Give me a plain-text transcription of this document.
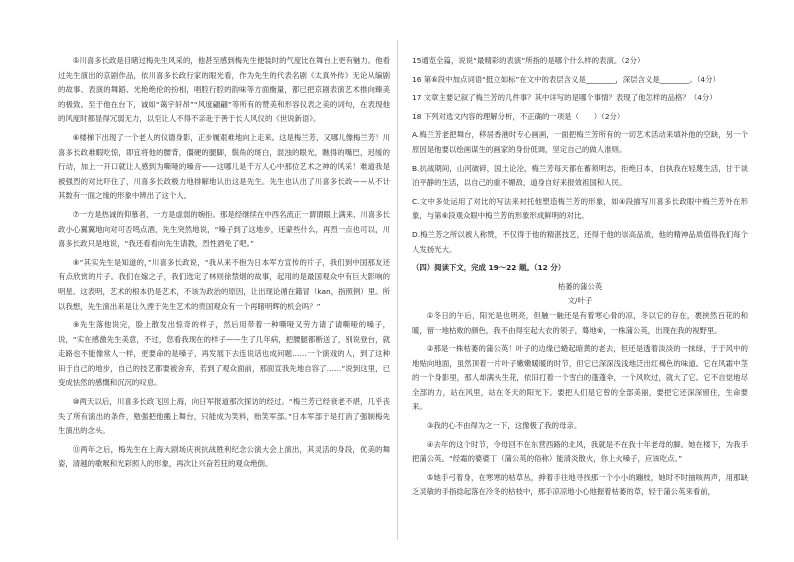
⑤川喜多长政是目睹过梅先生风采的，他甚至感到梅先生便装时的气度比在舞台上更有魅力。他看过先生演出的京剧作品，依川喜多长政行家的眼光看，作为先生的代表名剧《太真外传》无论从编剧的故事、表演的舞蹈、光艳绝伦的扮相，唱腔行腔的韵味等方面衡量，都已把京剧表演艺术推向臻美的极致。至于他在台下，诚如“蔼宇轩昂”“风度翩翩”等所有的赞美和形容仪表之美的词句，在表现他的风度时都显得冗弱无力，以至让人不得不亲赴于善于长人风仪的《世说新语》。

⑥楼梯下出现了一个老人的仪德身影，正步履艰难地向上走来。这是梅兰芳，又哪儿像梅兰芳！川喜多长政难暇吃惊，即宜将他的腰背，僵硬的腿脚，鬓角的斑白，混浊的眼光，瞧得的嘴巴，迟缓的行动，加上一开口就让人感到为嘶哑的嗓音——这哪儿是千万人心中那位艺术之神的风采！难道我是被强烈的对比吓住了，川喜多长政极力地排解地认出这是先生。先生也认出了川喜多长政——从不计其数有一面之缘的形象中辨出了这个人。

⑦一方是热诚的仰慕者，一方是虚弱的婉拒。那是经继续在中西名流正一谓谓眼上满来，川喜多长政小心翼翼地向对可否鸣点酒，先生突然地说，“嗓子到了这地步，还蒙些什么，再烈一点也可以，川喜多长政只是地说，“我还看看向先生请教，烈性酒免了吧。”

⑧“其实先生是知道的，”川喜多长政说，“我从来不抱为日本军方宣传的片子，我们到中国那友还有点欣赏的片子。我们在嫁之子，我们选定了林则徐禁烟的故事，起用的是最国观众中有巨大影响的明星。这表明，艺术的根本仍是艺术，不该为政治的原因，让出现论循在籍冒（kan，指照例）里。所以我想，先生演出来是让久湮于先生艺术的贵国观众有一个再睹明辉的机会吗？”

⑨先生落他说完，脸上散发出惊奇的样子，然后用带着一种嘶哑又劳力请了请嘶哑的嗓子，说，“实在感激先生美意，不过，您看我现在的样子——生了几年病，把腰腿都断送了，别说登台，就走路也不能像常人一样，更要命的是嗓子，再发展下去连说话也成问题……一个演戏的人，到了这种田于自己的地步，自己的技艺都要被舍弃，若到了观众面前，那面宣我先地自容了……”说到这里，已变成怯然的感慨和沉沉的叹息。

⑩两天以后，川喜多长政飞回上海，向日军报道那次探访的经过。“梅兰芳已经衰老不堪，几乎丧失了所有演出的条件，勉强把他搬上舞台，只能成为笑料，贻笑军部。”日本军部于是打消了强制梅先生演出的念头。

⑪两年之后，梅先生在上海大剧场庆祝抗战胜利纪念公演大会上演出，其灵活的身段，优美的舞姿，清越的歌喉和光彩照人的形象，再次让兴奋若狂的观众绝倒。

15通览全篇，说说“最精彩的表演”所指的是哪个什么样的表演。（2分）

16 第⑥段中加点词语“挺立如标”在文中的表层含义是________，深层含义是________。（4分）

17 文章主要记叙了梅兰芳的几件事？其中详写的是哪个事情？表现了他怎样的品格？（4分）

18 下列对选文内容的理解分析，不正确的一项是（　　）（2分）

A.梅兰芳老把舞台，移居香港时专心画画，一面把梅兰芳所有的一切艺术活动来填补他的空缺，另一个原因是他要以绘画谋生的画家的身份低调，坚定自己的做人准则。

B.抗战期间，山河破碎，国土论沦，梅兰芳每天都在蓄须明志，拒绝日本，自执我在轻蔑生活，甘于谈泊平静的生活，以自己的重不媚敌、道身自好来报效祖国和人民。

C.文中多处运用了对比的写法来衬托他塑造梅兰芳的形象，如④段描写川喜多长政眼中梅兰芳外在形象，与第⑥段观众眼中梅兰芳的形象形成鲜明的对比。

D.梅兰芳之所以被人称赞，不仅得于他的精湛技艺，还得于他的崇高品质，他的精神品质值得我们每个人发扬光大。

（四）阅读下文，完成 19～22 题。（12 分）

枯萎的蒲公英

文/叶子

①冬日的午后，阳光是也明亮，但触一触还是有着寒心骨的凉，冬以它的存在，裹挟然百花的和暖，留一地枯败的颜色，我不由得至起大衣的领子，蓦地⑥，一株蒲公英，出现在我的视野里。

②那是一株枯萎的蒲公英！叶子的边缘已蜷起暗黄的老去，但还是透着淡淡的一抹绿，于于风中的地贴向地面，虽然顶着一片叶子嫩嫩暖暖的时节，但它已深深浅浅地泛出红褐色的味道。它在风霜中茎的一个身影里，那人却满头生花，依旧打着一个雪白的蓬蓬伞，一个风吹过，就大了它。它不自觉地尽全部的力，站在风里，站在冬天的阳光下。要把人们是它曾的全部美丽，要把它还深深留住，生命要来。

③我的心不由得为之一下，这像极了我的母亲。

④去年的这个时节，令母回不在东营西路的北风，我就是不在我十年老母的脚。她在楼下，为我手把蒲公英。“经霜的婆婆丁（蒲公英的俗称）能清炎散火，你上火嗓子，应该吃点。”

⑤她手弓着身，在寒寒的枯草丛，抻着手往地寻找那一个小小的蹦枝，她时不时抽咳两声，用那缺乏灵敏的手指捻起落在冷冬的枯枝中，那手凉凉地小心地握着枯萎的草，轻于蒲公英来看前，
